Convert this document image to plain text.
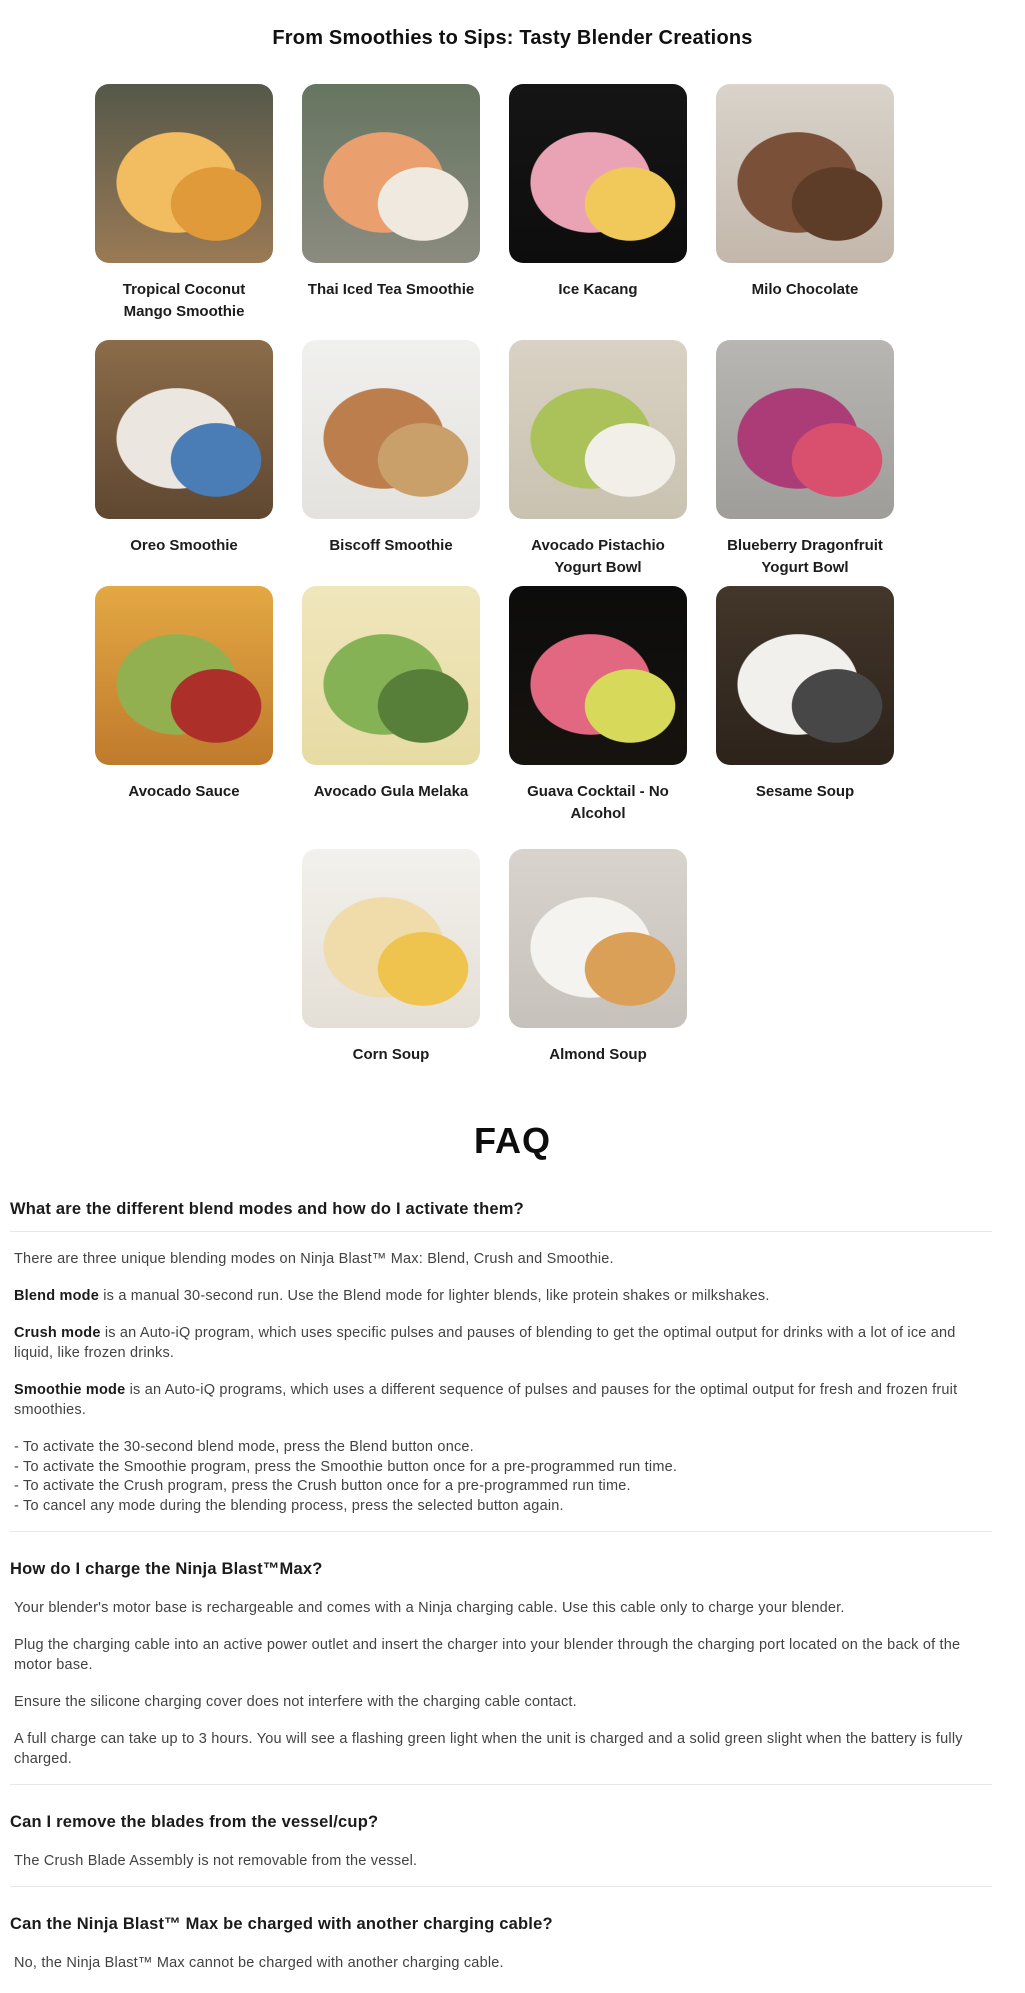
From Smoothies to Sips: Tasty Blender Creations
Tropical Coconut Mango Smoothie
Thai Iced Tea Smoothie	Ice Kacang	Milo Chocolate
Oreo Smoothie	Biscoff Smoothie	Avocado Pistachio Yogurt Bowl
Blueberry Dragonfruit Yogurt Bowl
Avocado Sauce	Avocado Gula Melaka	Guava Cocktail - No Alcohol
Sesame Soup
Corn Soup	Almond Soup
FAQ
What are the different blend modes and how do I activate them?

There are three unique blending modes on Ninja Blast™ Max: Blend, Crush and Smoothie.

Blend mode is a manual 30-second run. Use the Blend mode for lighter blends, like protein shakes or milkshakes.

Crush mode is an Auto-iQ program, which uses specific pulses and pauses of blending to get the optimal output for drinks with a lot of ice and liquid, like frozen drinks.

Smoothie mode is an Auto-iQ programs, which uses a different sequence of pulses and pauses for the optimal output for fresh and frozen fruit smoothies.

- To activate the 30-second blend mode, press the Blend button once.
- To activate the Smoothie program, press the Smoothie button once for a pre-programmed run time.
- To activate the Crush program, press the Crush button once for a pre-programmed run time.
- To cancel any mode during the blending process, press the selected button again.
How do I charge the Ninja Blast™Max?

Your blender's motor base is rechargeable and comes with a Ninja charging cable. Use this cable only to charge your blender.

Plug the charging cable into an active power outlet and insert the charger into your blender through the charging port located on the back of the motor base.

Ensure the silicone charging cover does not interfere with the charging cable contact.

A full charge can take up to 3 hours. You will see a flashing green light when the unit is charged and a solid green slight when the battery is fully charged.

Can I remove the blades from the vessel/cup?

The Crush Blade Assembly is not removable from the vessel.

Can the Ninja Blast™ Max be charged with another charging cable?

No, the Ninja Blast™ Max cannot be charged with another charging cable.
